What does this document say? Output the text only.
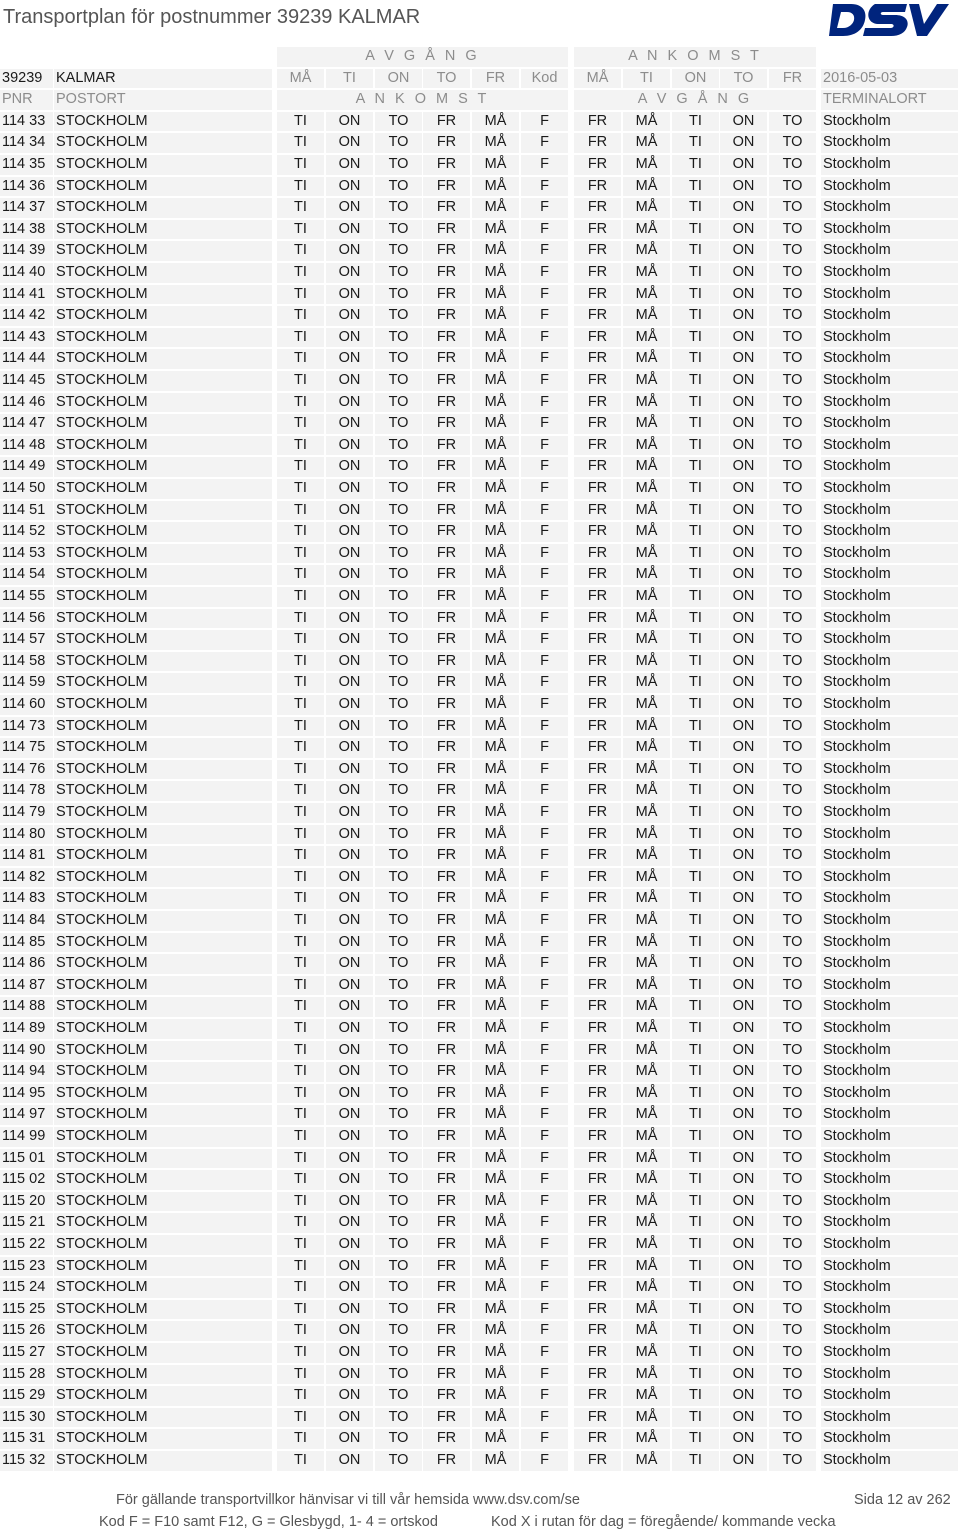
Transportplan för postnummer 39239 KALMAR
A V G Å N G	A N K O M S T
39239 KALMAR	MÅ	TI	ON	TO	FR	Kod	MÅ	TI	ON	TO	FR	2016-05-03
PNR	POSTORT	A N K O M S T	A V G Å N G	TERMINALORT
114 33 STOCKHOLM	TI	ON	TO	FR	MÅ	F	FR	MÅ	TI	ON	TO	Stockholm
114 34 STOCKHOLM	TI	ON	TO	FR	MÅ	F	FR	MÅ	TI	ON	TO	Stockholm
114 35 STOCKHOLM	TI	ON	TO	FR	MÅ	F	FR	MÅ	TI	ON	TO	Stockholm
114 36 STOCKHOLM	TI	ON	TO	FR	MÅ	F	FR	MÅ	TI	ON	TO	Stockholm
114 37 STOCKHOLM	TI	ON	TO	FR	MÅ	F	FR	MÅ	TI	ON	TO	Stockholm
114 38 STOCKHOLM	TI	ON	TO	FR	MÅ	F	FR	MÅ	TI	ON	TO	Stockholm
114 39 STOCKHOLM	TI	ON	TO	FR	MÅ	F	FR	MÅ	TI	ON	TO	Stockholm
114 40 STOCKHOLM	TI	ON	TO	FR	MÅ	F	FR	MÅ	TI	ON	TO	Stockholm
114 41 STOCKHOLM	TI	ON	TO	FR	MÅ	F	FR	MÅ	TI	ON	TO	Stockholm
114 42 STOCKHOLM	TI	ON	TO	FR	MÅ	F	FR	MÅ	TI	ON	TO	Stockholm
114 43 STOCKHOLM	TI	ON	TO	FR	MÅ	F	FR	MÅ	TI	ON	TO	Stockholm
114 44 STOCKHOLM	TI	ON	TO	FR	MÅ	F	FR	MÅ	TI	ON	TO	Stockholm
114 45 STOCKHOLM	TI	ON	TO	FR	MÅ	F	FR	MÅ	TI	ON	TO	Stockholm
114 46 STOCKHOLM	TI	ON	TO	FR	MÅ	F	FR	MÅ	TI	ON	TO	Stockholm
114 47 STOCKHOLM	TI	ON	TO	FR	MÅ	F	FR	MÅ	TI	ON	TO	Stockholm
114 48 STOCKHOLM	TI	ON	TO	FR	MÅ	F	FR	MÅ	TI	ON	TO	Stockholm
114 49 STOCKHOLM	TI	ON	TO	FR	MÅ	F	FR	MÅ	TI	ON	TO	Stockholm
114 50 STOCKHOLM	TI	ON	TO	FR	MÅ	F	FR	MÅ	TI	ON	TO	Stockholm
114 51 STOCKHOLM	TI	ON	TO	FR	MÅ	F	FR	MÅ	TI	ON	TO	Stockholm
114 52 STOCKHOLM	TI	ON	TO	FR	MÅ	F	FR	MÅ	TI	ON	TO	Stockholm
114 53 STOCKHOLM	TI	ON	TO	FR	MÅ	F	FR	MÅ	TI	ON	TO	Stockholm
114 54 STOCKHOLM	TI	ON	TO	FR	MÅ	F	FR	MÅ	TI	ON	TO	Stockholm
114 55 STOCKHOLM	TI	ON	TO	FR	MÅ	F	FR	MÅ	TI	ON	TO	Stockholm
114 56 STOCKHOLM	TI	ON	TO	FR	MÅ	F	FR	MÅ	TI	ON	TO	Stockholm
114 57 STOCKHOLM	TI	ON	TO	FR	MÅ	F	FR	MÅ	TI	ON	TO	Stockholm
114 58 STOCKHOLM	TI	ON	TO	FR	MÅ	F	FR	MÅ	TI	ON	TO	Stockholm
114 59 STOCKHOLM	TI	ON	TO	FR	MÅ	F	FR	MÅ	TI	ON	TO	Stockholm
114 60 STOCKHOLM	TI	ON	TO	FR	MÅ	F	FR	MÅ	TI	ON	TO	Stockholm
114 73 STOCKHOLM	TI	ON	TO	FR	MÅ	F	FR	MÅ	TI	ON	TO	Stockholm
114 75 STOCKHOLM	TI	ON	TO	FR	MÅ	F	FR	MÅ	TI	ON	TO	Stockholm
114 76 STOCKHOLM	TI	ON	TO	FR	MÅ	F	FR	MÅ	TI	ON	TO	Stockholm
114 78 STOCKHOLM	TI	ON	TO	FR	MÅ	F	FR	MÅ	TI	ON	TO	Stockholm
114 79 STOCKHOLM	TI	ON	TO	FR	MÅ	F	FR	MÅ	TI	ON	TO	Stockholm
114 80 STOCKHOLM	TI	ON	TO	FR	MÅ	F	FR	MÅ	TI	ON	TO	Stockholm
114 81 STOCKHOLM	TI	ON	TO	FR	MÅ	F	FR	MÅ	TI	ON	TO	Stockholm
114 82 STOCKHOLM	TI	ON	TO	FR	MÅ	F	FR	MÅ	TI	ON	TO	Stockholm
114 83 STOCKHOLM	TI	ON	TO	FR	MÅ	F	FR	MÅ	TI	ON	TO	Stockholm
114 84 STOCKHOLM	TI	ON	TO	FR	MÅ	F	FR	MÅ	TI	ON	TO	Stockholm
114 85 STOCKHOLM	TI	ON	TO	FR	MÅ	F	FR	MÅ	TI	ON	TO	Stockholm
114 86 STOCKHOLM	TI	ON	TO	FR	MÅ	F	FR	MÅ	TI	ON	TO	Stockholm
114 87 STOCKHOLM	TI	ON	TO	FR	MÅ	F	FR	MÅ	TI	ON	TO	Stockholm
114 88 STOCKHOLM	TI	ON	TO	FR	MÅ	F	FR	MÅ	TI	ON	TO	Stockholm
114 89 STOCKHOLM	TI	ON	TO	FR	MÅ	F	FR	MÅ	TI	ON	TO	Stockholm
114 90 STOCKHOLM	TI	ON	TO	FR	MÅ	F	FR	MÅ	TI	ON	TO	Stockholm
114 94 STOCKHOLM	TI	ON	TO	FR	MÅ	F	FR	MÅ	TI	ON	TO	Stockholm
114 95 STOCKHOLM	TI	ON	TO	FR	MÅ	F	FR	MÅ	TI	ON	TO	Stockholm
114 97 STOCKHOLM	TI	ON	TO	FR	MÅ	F	FR	MÅ	TI	ON	TO	Stockholm
114 99 STOCKHOLM	TI	ON	TO	FR	MÅ	F	FR	MÅ	TI	ON	TO	Stockholm
115 01 STOCKHOLM	TI	ON	TO	FR	MÅ	F	FR	MÅ	TI	ON	TO	Stockholm
115 02 STOCKHOLM	TI	ON	TO	FR	MÅ	F	FR	MÅ	TI	ON	TO	Stockholm
115 20 STOCKHOLM	TI	ON	TO	FR	MÅ	F	FR	MÅ	TI	ON	TO	Stockholm
115 21 STOCKHOLM	TI	ON	TO	FR	MÅ	F	FR	MÅ	TI	ON	TO	Stockholm
115 22 STOCKHOLM	TI	ON	TO	FR	MÅ	F	FR	MÅ	TI	ON	TO	Stockholm
115 23 STOCKHOLM	TI	ON	TO	FR	MÅ	F	FR	MÅ	TI	ON	TO	Stockholm
115 24 STOCKHOLM	TI	ON	TO	FR	MÅ	F	FR	MÅ	TI	ON	TO	Stockholm
115 25 STOCKHOLM	TI	ON	TO	FR	MÅ	F	FR	MÅ	TI	ON	TO	Stockholm
115 26 STOCKHOLM	TI	ON	TO	FR	MÅ	F	FR	MÅ	TI	ON	TO	Stockholm
115 27 STOCKHOLM	TI	ON	TO	FR	MÅ	F	FR	MÅ	TI	ON	TO	Stockholm
115 28 STOCKHOLM	TI	ON	TO	FR	MÅ	F	FR	MÅ	TI	ON	TO	Stockholm
115 29 STOCKHOLM	TI	ON	TO	FR	MÅ	F	FR	MÅ	TI	ON	TO	Stockholm
115 30 STOCKHOLM	TI	ON	TO	FR	MÅ	F	FR	MÅ	TI	ON	TO	Stockholm
115 31 STOCKHOLM	TI	ON	TO	FR	MÅ	F	FR	MÅ	TI	ON	TO	Stockholm
115 32 STOCKHOLM	TI	ON	TO	FR	MÅ	F	FR	MÅ	TI	ON	TO	Stockholm
För gällande transportvillkor hänvisar vi till vår hemsida www.dsv.com/se	Sida 12 av 262
Kod F = F10 samt F12, G = Glesbygd, 1- 4 = ortskod	Kod X i rutan för dag = föregående/ kommande vecka
